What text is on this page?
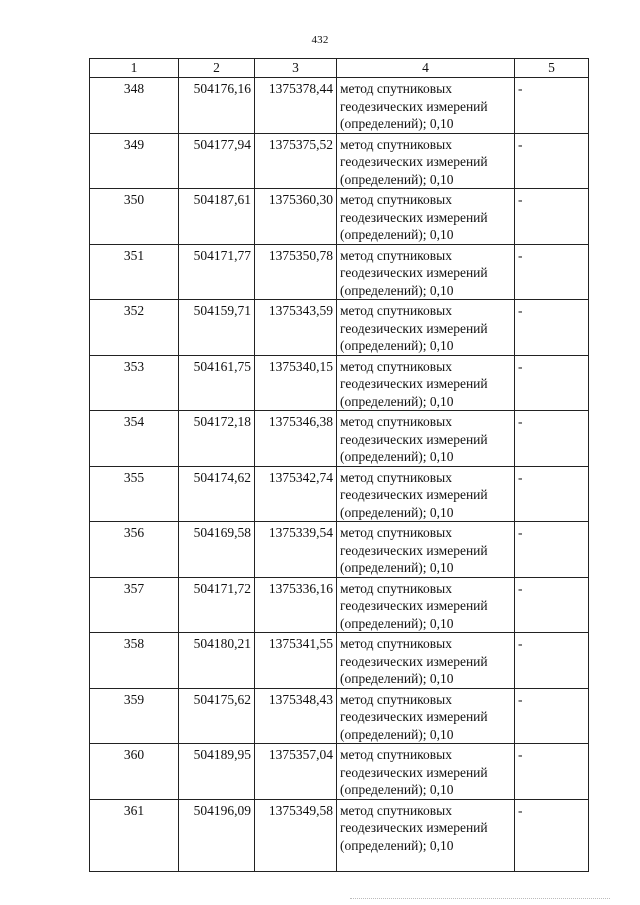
432
1	2	3	4	5
348	504176,16	1375378,44	метод спутниковых
геодезических измерений
(определений); 0,10	-
349	504177,94	1375375,52	метод спутниковых
геодезических измерений
(определений); 0,10	-
350	504187,61	1375360,30	метод спутниковых
геодезических измерений
(определений); 0,10	-
351	504171,77	1375350,78	метод спутниковых
геодезических измерений
(определений); 0,10	-
352	504159,71	1375343,59	метод спутниковых
геодезических измерений
(определений); 0,10	-
353	504161,75	1375340,15	метод спутниковых
геодезических измерений
(определений); 0,10	-
354	504172,18	1375346,38	метод спутниковых
геодезических измерений
(определений); 0,10	-
355	504174,62	1375342,74	метод спутниковых
геодезических измерений
(определений); 0,10	-
356	504169,58	1375339,54	метод спутниковых
геодезических измерений
(определений); 0,10	-
357	504171,72	1375336,16	метод спутниковых
геодезических измерений
(определений); 0,10	-
358	504180,21	1375341,55	метод спутниковых
геодезических измерений
(определений); 0,10	-
359	504175,62	1375348,43	метод спутниковых
геодезических измерений
(определений); 0,10	-
360	504189,95	1375357,04	метод спутниковых
геодезических измерений
(определений); 0,10	-
361	504196,09	1375349,58	метод спутниковых
геодезических измерений
(определений); 0,10	-
